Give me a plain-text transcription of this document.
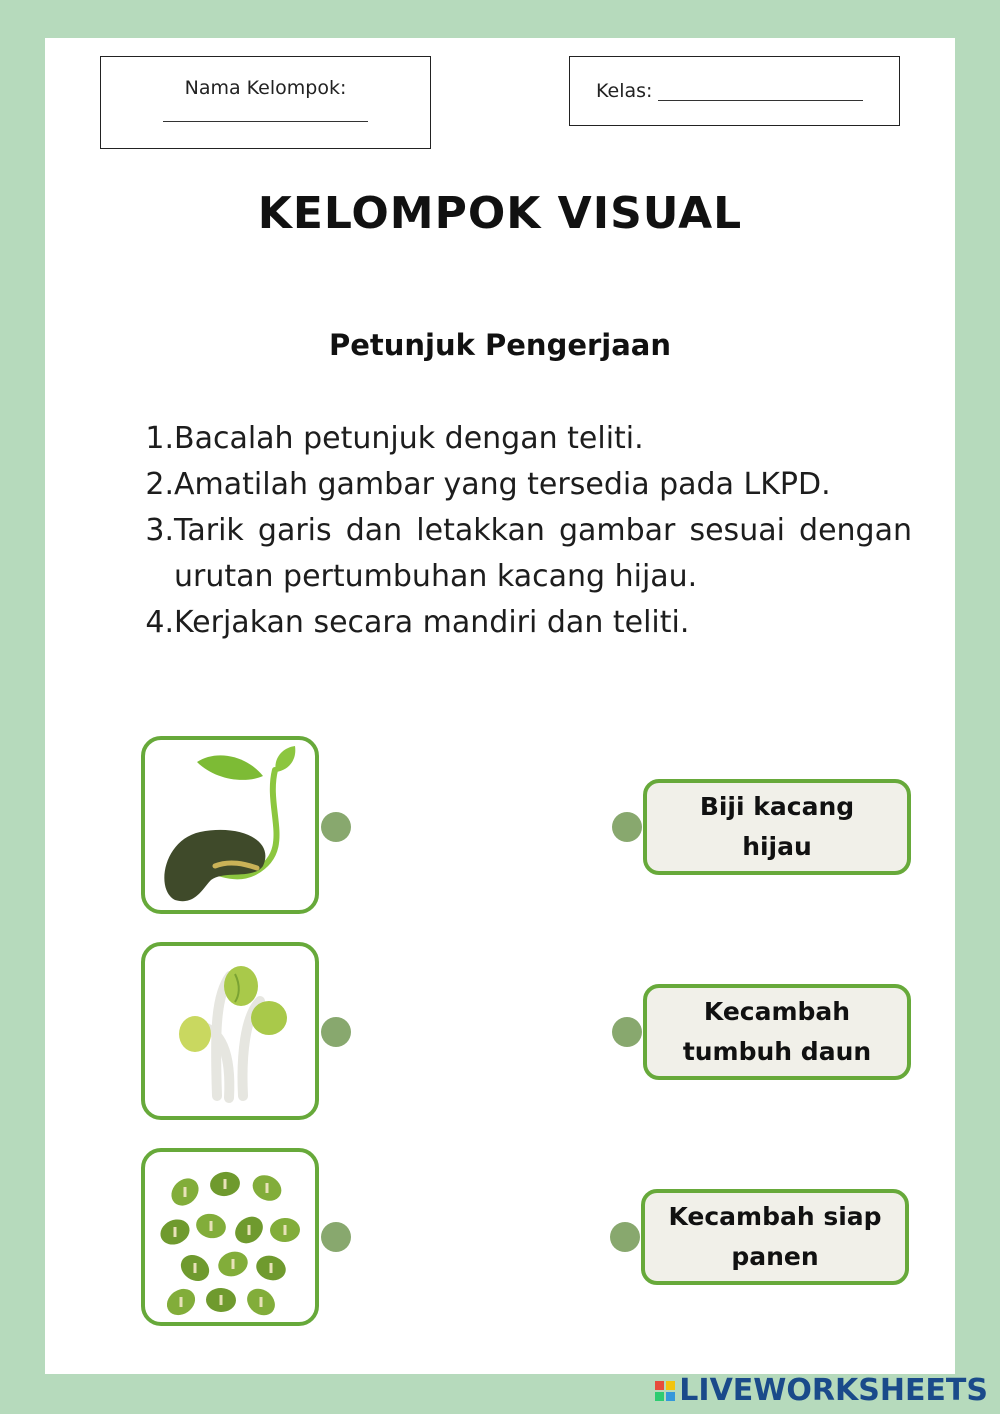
Nama Kelompok:	Kelas:
KELOMPOK VISUAL
Petunjuk Pengerjaan
1. Bacalah petunjuk dengan teliti.
2. Amatilah gambar yang tersedia pada LKPD.
3. Tarik garis dan letakkan gambar sesuai dengan urutan pertumbuhan kacang hijau.
4. Kerjakan secara mandiri dan teliti.
Biji kacang hijau
Kecambah tumbuh daun
Kecambah siap panen
LIVEWORKSHEETS
